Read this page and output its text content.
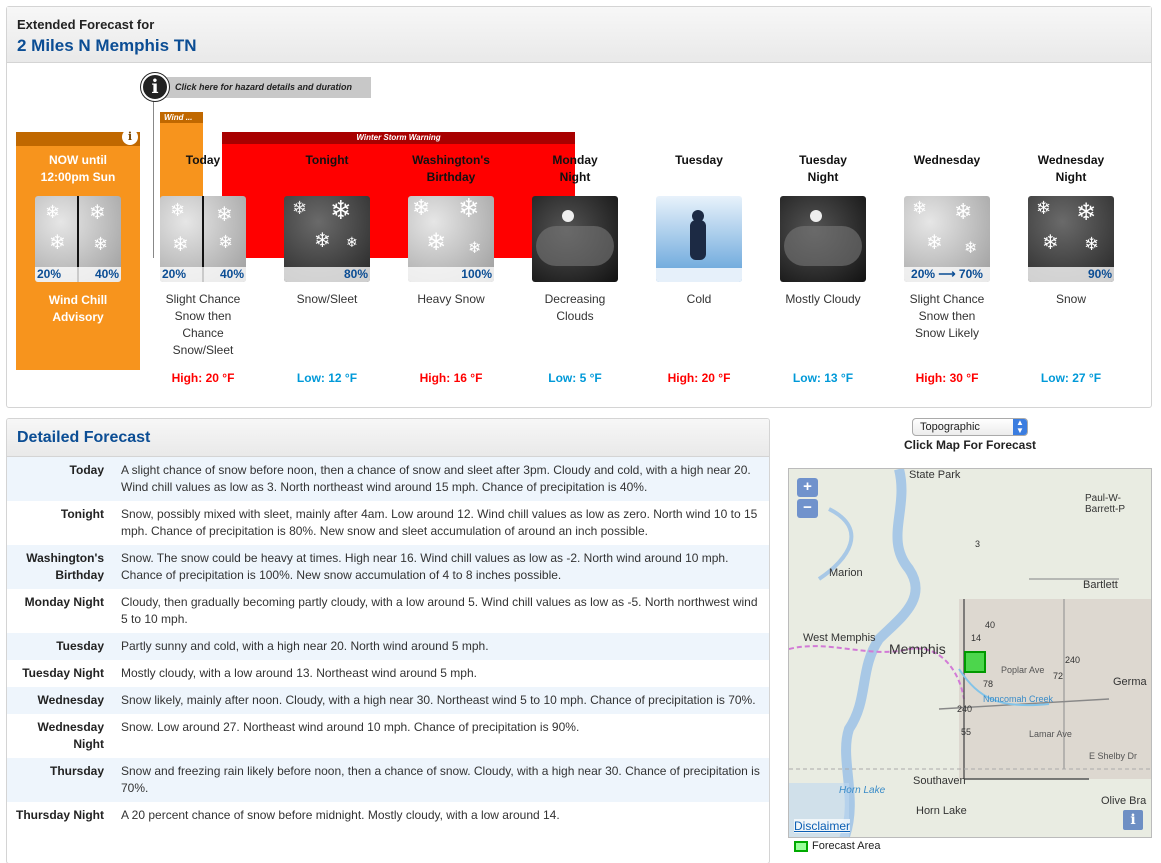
Extended Forecast for
2 Miles N Memphis TN
i	Click here for hazard details and duration
i
NOW until
12:00pm Sun
❄ ❄
❄ ❄
20%	40%
Wind Chill
Advisory
Wind ...
Winter Storm Warning
Today
❄ ❄
❄ ❄
20%	40%
Slight Chance
Snow then
Chance
Snow/Sleet
High: 20 °F
Tonight
❄ ❄
❄ ❄
80%
Snow/Sleet
Low: 12 °F
Washington's
Birthday
❄ ❄
❄ ❄
100%
Heavy Snow
High: 16 °F
Monday
Night
Decreasing
Clouds
Low: 5 °F
Tuesday
Cold
High: 20 °F
Tuesday
Night
Mostly Cloudy
Low: 13 °F
Wednesday
❄ ❄
❄ ❄
20% ⟶ 70%
Slight Chance
Snow then
Snow Likely
High: 30 °F
Wednesday
Night
❄ ❄
❄ ❄
90%
Snow
Low: 27 °F
Detailed Forecast
Today	A slight chance of snow before noon, then a chance of snow and sleet after 3pm. Cloudy and cold, with a high near 20. Wind chill values as low as 3. North northeast wind around 15 mph. Chance of precipitation is 40%.
Tonight	Snow, possibly mixed with sleet, mainly after 4am. Low around 12. Wind chill values as low as zero. North wind 10 to 15 mph. Chance of precipitation is 80%. New snow and sleet accumulation of around an inch possible.
Washington's Birthday
Snow. The snow could be heavy at times. High near 16. Wind chill values as low as -2. North wind around 10 mph. Chance of precipitation is 100%. New snow accumulation of 4 to 8 inches possible.
Monday Night	Cloudy, then gradually becoming partly cloudy, with a low around 5. Wind chill values as low as -5. North northwest wind 5 to 10 mph.
Tuesday	Partly sunny and cold, with a high near 20. North wind around 5 mph.
Tuesday Night	Mostly cloudy, with a low around 13. Northeast wind around 5 mph.
Wednesday	Snow likely, mainly after noon. Cloudy, with a high near 30. Northeast wind 5 to 10 mph. Chance of precipitation is 70%.
Wednesday Night
Snow. Low around 27. Northeast wind around 10 mph. Chance of precipitation is 90%.
Thursday	Snow and freezing rain likely before noon, then a chance of snow. Cloudy, with a high near 30. Chance of precipitation is 70%.
Thursday Night	A 20 percent chance of snow before midnight. Mostly cloudy, with a low around 14.
Topographic	▲
▼
Click Map For Forecast
State Park
Paul-W-Barrett-P
Marion
Bartlett
West Memphis
Memphis
Poplar Ave
Germa
Noncomah Creek
Lamar Ave
E Shelby Dr
Southaven
Horn Lake
Horn Lake
Olive Bra
40
240
240
55
14
78
72
3
+
−
Disclaimer	i
Forecast Area
